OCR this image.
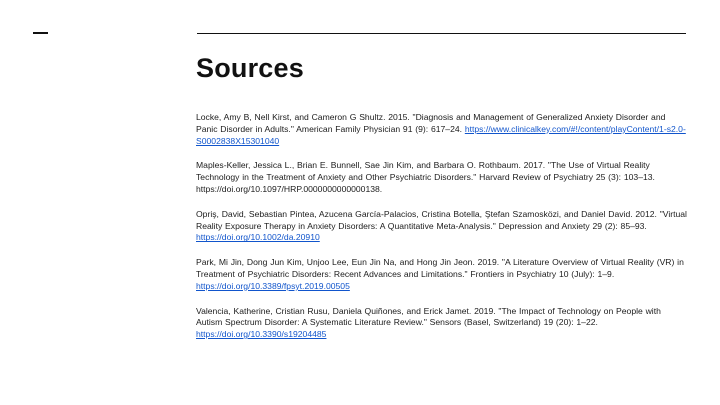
Sources

Locke, Amy B, Nell Kirst, and Cameron G Shultz. 2015. "Diagnosis and Management of Generalized Anxiety Disorder and Panic Disorder in Adults." American Family Physician 91 (9): 617–24. https://www.clinicalkey.com/#!/content/playContent/1-s2.0-S0002838X15301040

Maples-Keller, Jessica L., Brian E. Bunnell, Sae Jin Kim, and Barbara O. Rothbaum. 2017. "The Use of Virtual Reality Technology in the Treatment of Anxiety and Other Psychiatric Disorders." Harvard Review of Psychiatry 25 (3): 103–13. https://doi.org/10.1097/HRP.0000000000000138.

Opriş, David, Sebastian Pintea, Azucena García-Palacios, Cristina Botella, Ştefan Szamosközi, and Daniel David. 2012. "Virtual Reality Exposure Therapy in Anxiety Disorders: A Quantitative Meta-Analysis." Depression and Anxiety 29 (2): 85–93. https://doi.org/10.1002/da.20910

Park, Mi Jin, Dong Jun Kim, Unjoo Lee, Eun Jin Na, and Hong Jin Jeon. 2019. "A Literature Overview of Virtual Reality (VR) in Treatment of Psychiatric Disorders: Recent Advances and Limitations." Frontiers in Psychiatry 10 (July): 1–9. https://doi.org/10.3389/fpsyt.2019.00505

Valencia, Katherine, Cristian Rusu, Daniela Quiñones, and Erick Jamet. 2019. "The Impact of Technology on People with Autism Spectrum Disorder: A Systematic Literature Review." Sensors (Basel, Switzerland) 19 (20): 1–22. https://doi.org/10.3390/s19204485
